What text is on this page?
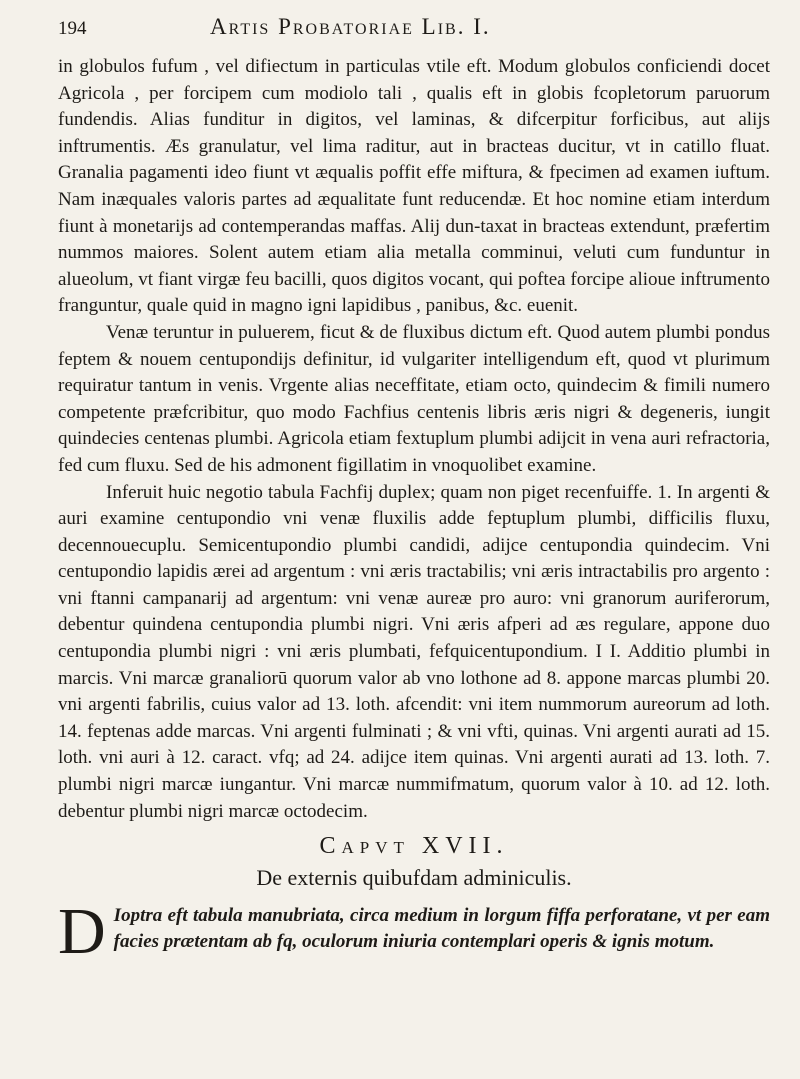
194	Artis Probatoriae Lib. I.

in globulos fufum , vel difiectum in particulas vtile eft. Modum globulos conficiendi docet Agricola , per forcipem cum modiolo tali , qualis eft in globis fcopletorum paruorum fundendis. Alias funditur in digitos, vel laminas, & difcerpitur forficibus, aut alijs inftrumentis. Æs granulatur, vel lima raditur, aut in bracteas ducitur, vt in catillo fluat. Granalia pagamenti ideo fiunt vt æqualis poffit effe miftura, & fpecimen ad examen iuftum. Nam inæquales valoris partes ad æqualitate funt reducendæ. Et hoc nomine etiam interdum fiunt à monetarijs ad contemperandas maffas. Alij dun-taxat in bracteas extendunt, præfertim nummos maiores. Solent autem etiam alia metalla comminui, veluti cum funduntur in alueolum, vt fiant virgæ feu bacilli, quos digitos vocant, qui poftea forcipe alioue inftrumento franguntur, quale quid in magno igni lapidibus , panibus, &c. euenit.

Venæ teruntur in puluerem, ficut & de fluxibus dictum eft. Quod autem plumbi pondus feptem & nouem centupondijs definitur, id vulgariter intelligendum eft, quod vt plurimum requiratur tantum in venis. Vrgente alias neceffitate, etiam octo, quindecim & fimili numero competente præfcribitur, quo modo Fachfius centenis libris æris nigri & degeneris, iungit quindecies centenas plumbi. Agricola etiam fextuplum plumbi adijcit in vena auri refractoria, fed cum fluxu. Sed de his admonent figillatim in vnoquolibet examine.

Inferuit huic negotio tabula Fachfij duplex; quam non piget recenfuiffe. 1. In argenti & auri examine centupondio vni venæ fluxilis adde feptuplum plumbi, difficilis fluxu, decennouecuplu. Semicentupondio plumbi candidi, adijce centupondia quindecim. Vni centupondio lapidis ærei ad argentum : vni æris tractabilis; vni æris intractabilis pro argento : vni ftanni campanarij ad argentum: vni venæ aureæ pro auro: vni granorum auriferorum, debentur quindena centupondia plumbi nigri. Vni æris afperi ad æs regulare, appone duo centupondia plumbi nigri : vni æris plumbati, fefquicentupondium. I I. Additio plumbi in marcis. Vni marcæ granaliorū quorum valor ab vno lothone ad 8. appone marcas plumbi 20. vni argenti fabrilis, cuius valor ad 13. loth. afcendit: vni item nummorum aureorum ad loth. 14. feptenas adde marcas. Vni argenti fulminati ; & vni vfti, quinas. Vni argenti aurati ad 15. loth. vni auri à 12. caract. vfq; ad 24. adijce item quinas. Vni argenti aurati ad 13. loth. 7. plumbi nigri marcæ iungantur. Vni marcæ nummifmatum, quorum valor à 10. ad 12. loth. debentur plumbi nigri marcæ octodecim.

Capvt XVII.
De externis quibufdam adminiculis.
D Ioptra eft tabula manubriata, circa medium in lorgum fiffa perforatane, vt per eam facies prætentam ab fq, oculorum iniuria contemplari operis & ignis motum.
